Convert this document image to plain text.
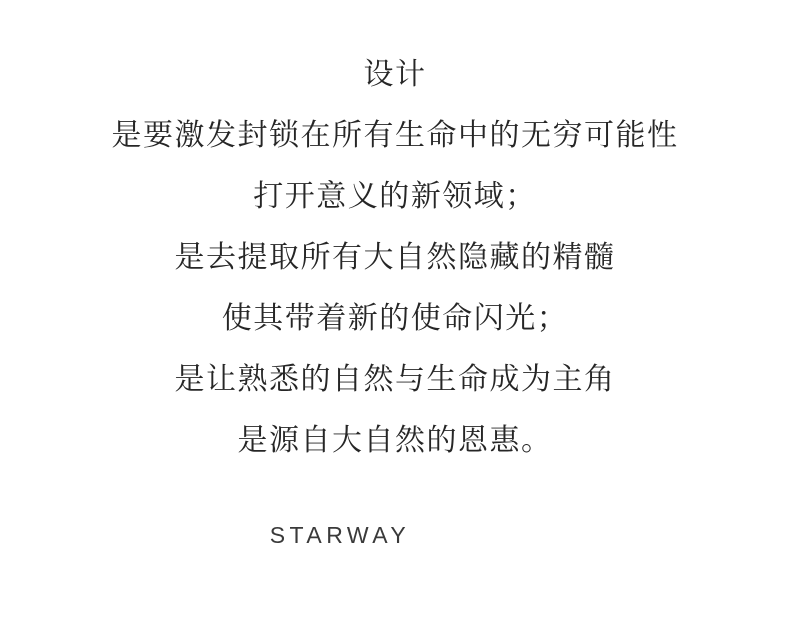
设计
是要激发封锁在所有生命中的无穷可能性
打开意义的新领域；
是去提取所有大自然隐藏的精髓
使其带着新的使命闪光；
是让熟悉的自然与生命成为主角
是源自大自然的恩惠。
STARWAY
